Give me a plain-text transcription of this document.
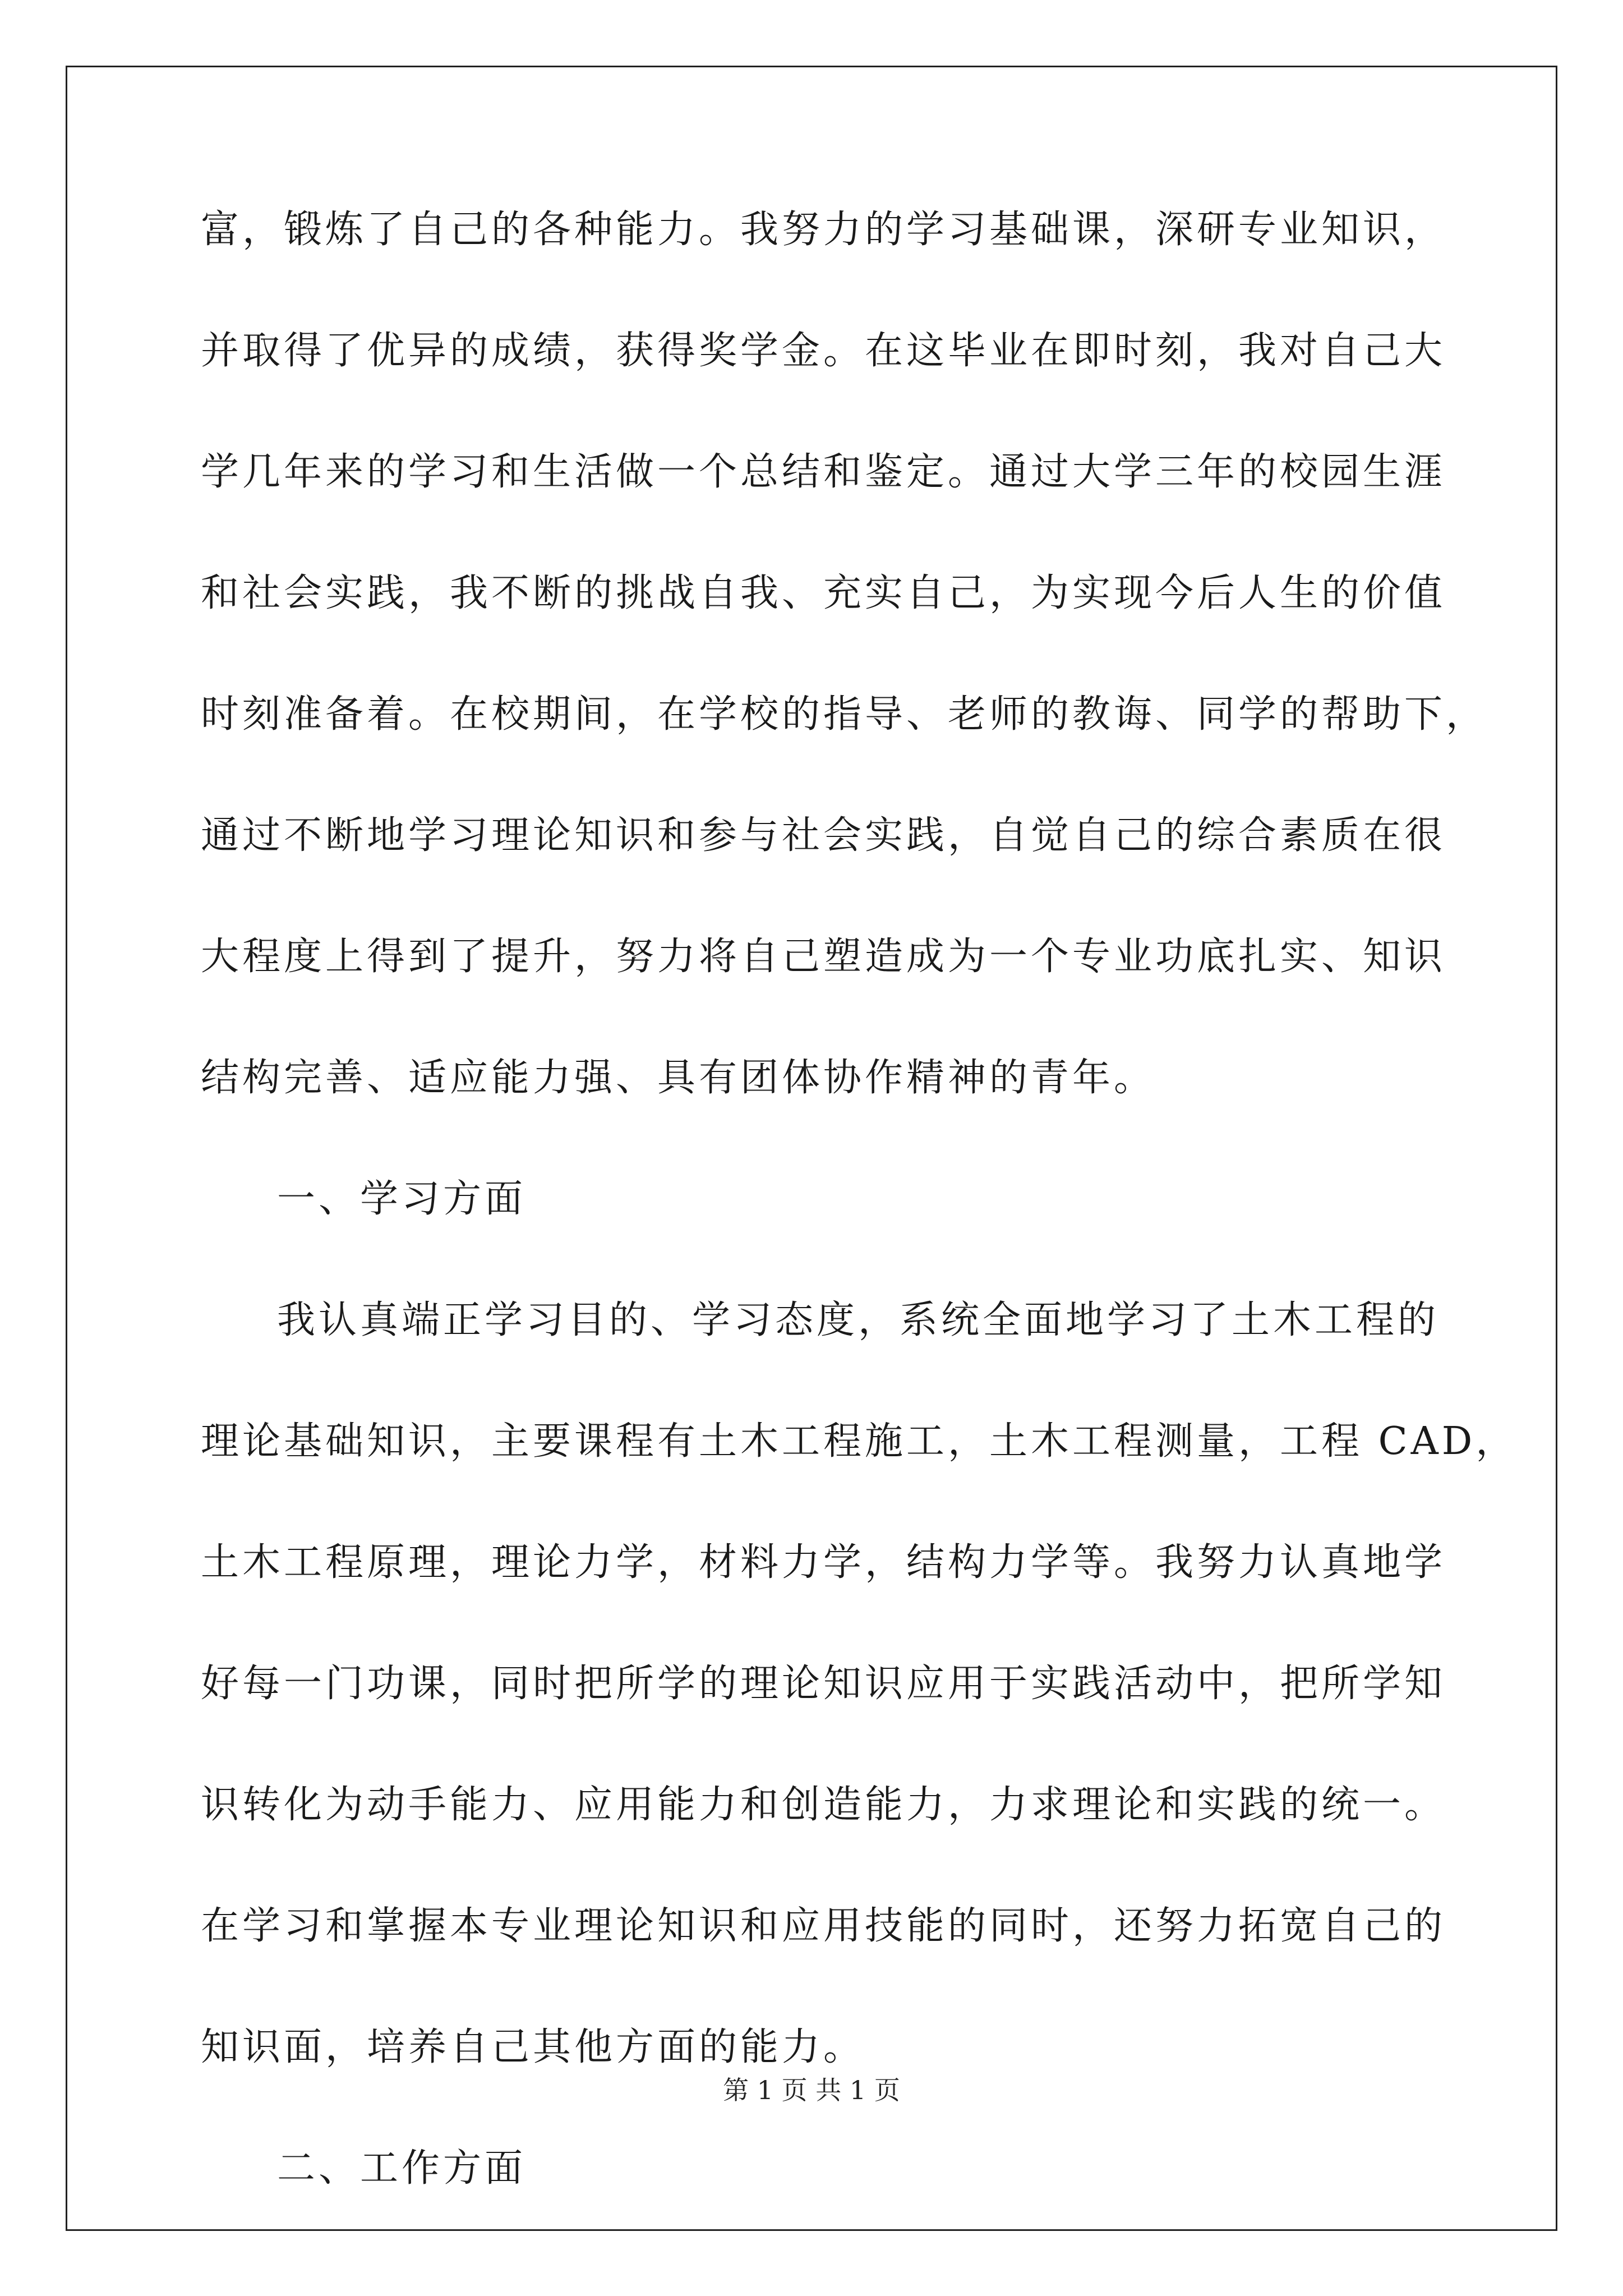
富，锻炼了自己的各种能力。我努力的学习基础课，深研专业知识，
并取得了优异的成绩，获得奖学金。在这毕业在即时刻，我对自己大
学几年来的学习和生活做一个总结和鉴定。通过大学三年的校园生涯
和社会实践，我不断的挑战自我、充实自己，为实现今后人生的价值
时刻准备着。在校期间，在学校的指导、老师的教诲、同学的帮助下，
通过不断地学习理论知识和参与社会实践，自觉自己的综合素质在很
大程度上得到了提升，努力将自己塑造成为一个专业功底扎实、知识
结构完善、适应能力强、具有团体协作精神的青年。
一、学习方面
我认真端正学习目的、学习态度，系统全面地学习了土木工程的
理论基础知识，主要课程有土木工程施工，土木工程测量，工程 CAD，
土木工程原理，理论力学，材料力学，结构力学等。我努力认真地学
好每一门功课，同时把所学的理论知识应用于实践活动中，把所学知
识转化为动手能力、应用能力和创造能力，力求理论和实践的统一。
在学习和掌握本专业理论知识和应用技能的同时，还努力拓宽自己的
知识面，培养自己其他方面的能力。
二、工作方面
第 1 页 共 1 页
